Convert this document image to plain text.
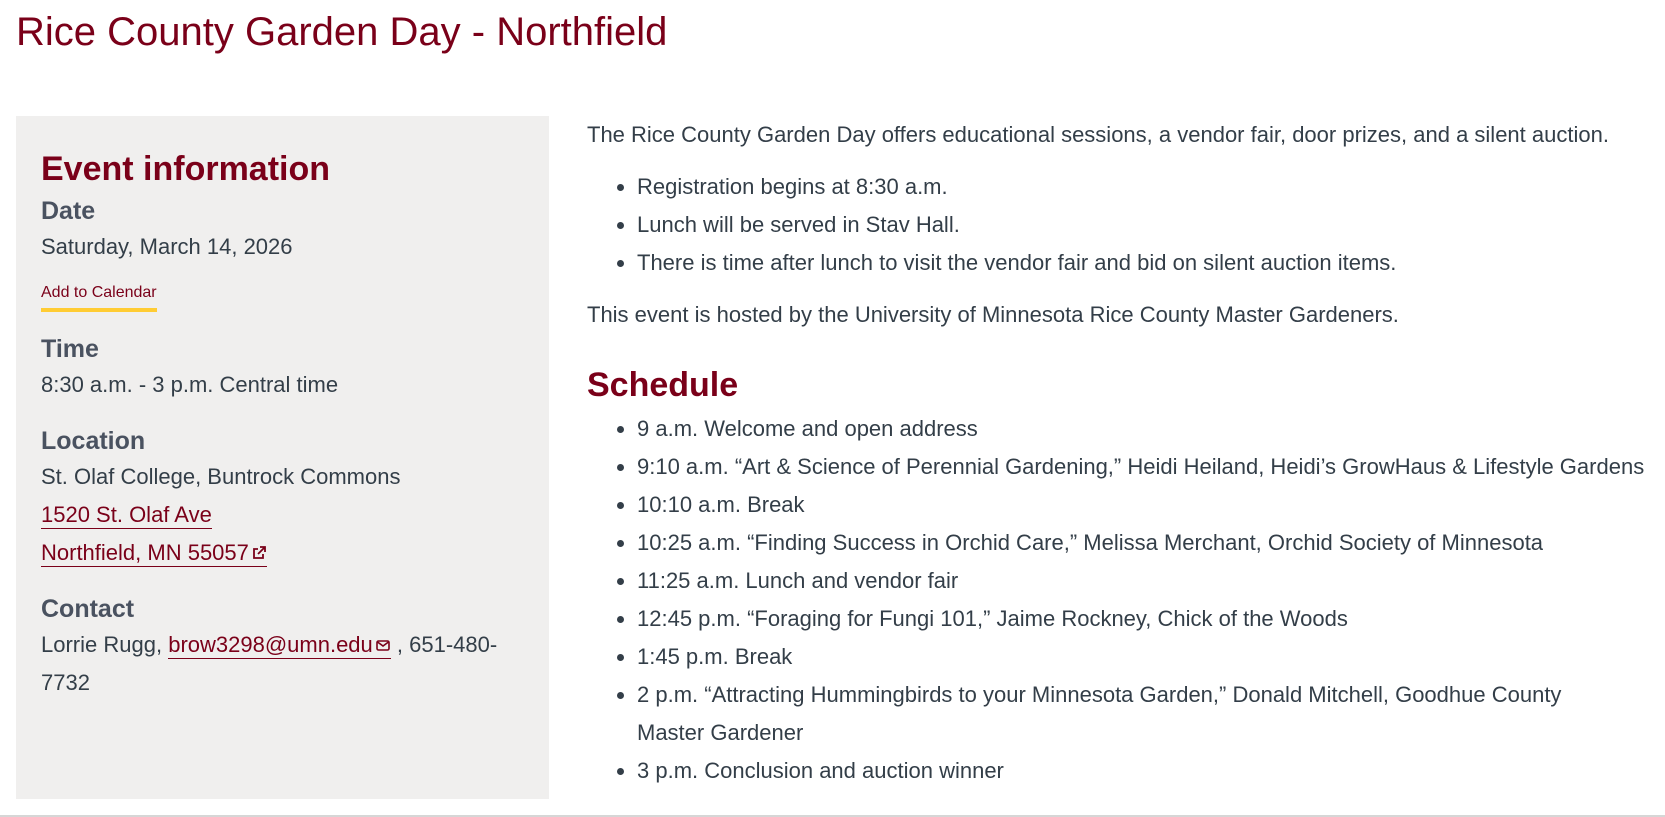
Rice County Garden Day - Northfield
Event information
Date
Saturday, March 14, 2026
Add to Calendar
Time
8:30 a.m. - 3 p.m. Central time
Location
St. Olaf College, Buntrock Commons
1520 St. Olaf Ave
Northfield, MN 55057
Contact
Lorrie Rugg, brow3298@umn.edu , 651-480-7732

The Rice County Garden Day offers educational sessions, a vendor fair, door prizes, and a silent auction.

• Registration begins at 8:30 a.m.
• Lunch will be served in Stav Hall.
• There is time after lunch to visit the vendor fair and bid on silent auction items.

This event is hosted by the University of Minnesota Rice County Master Gardeners.

Schedule
• 9 a.m. Welcome and open address
• 9:10 a.m. “Art & Science of Perennial Gardening,” Heidi Heiland, Heidi’s GrowHaus & Lifestyle Gardens
• 10:10 a.m. Break
• 10:25 a.m. “Finding Success in Orchid Care,” Melissa Merchant, Orchid Society of Minnesota
• 11:25 a.m. Lunch and vendor fair
• 12:45 p.m. “Foraging for Fungi 101,” Jaime Rockney, Chick of the Woods
• 1:45 p.m. Break
• 2 p.m. “Attracting Hummingbirds to your Minnesota Garden,” Donald Mitchell, Goodhue County Master Gardener
• 3 p.m. Conclusion and auction winner
